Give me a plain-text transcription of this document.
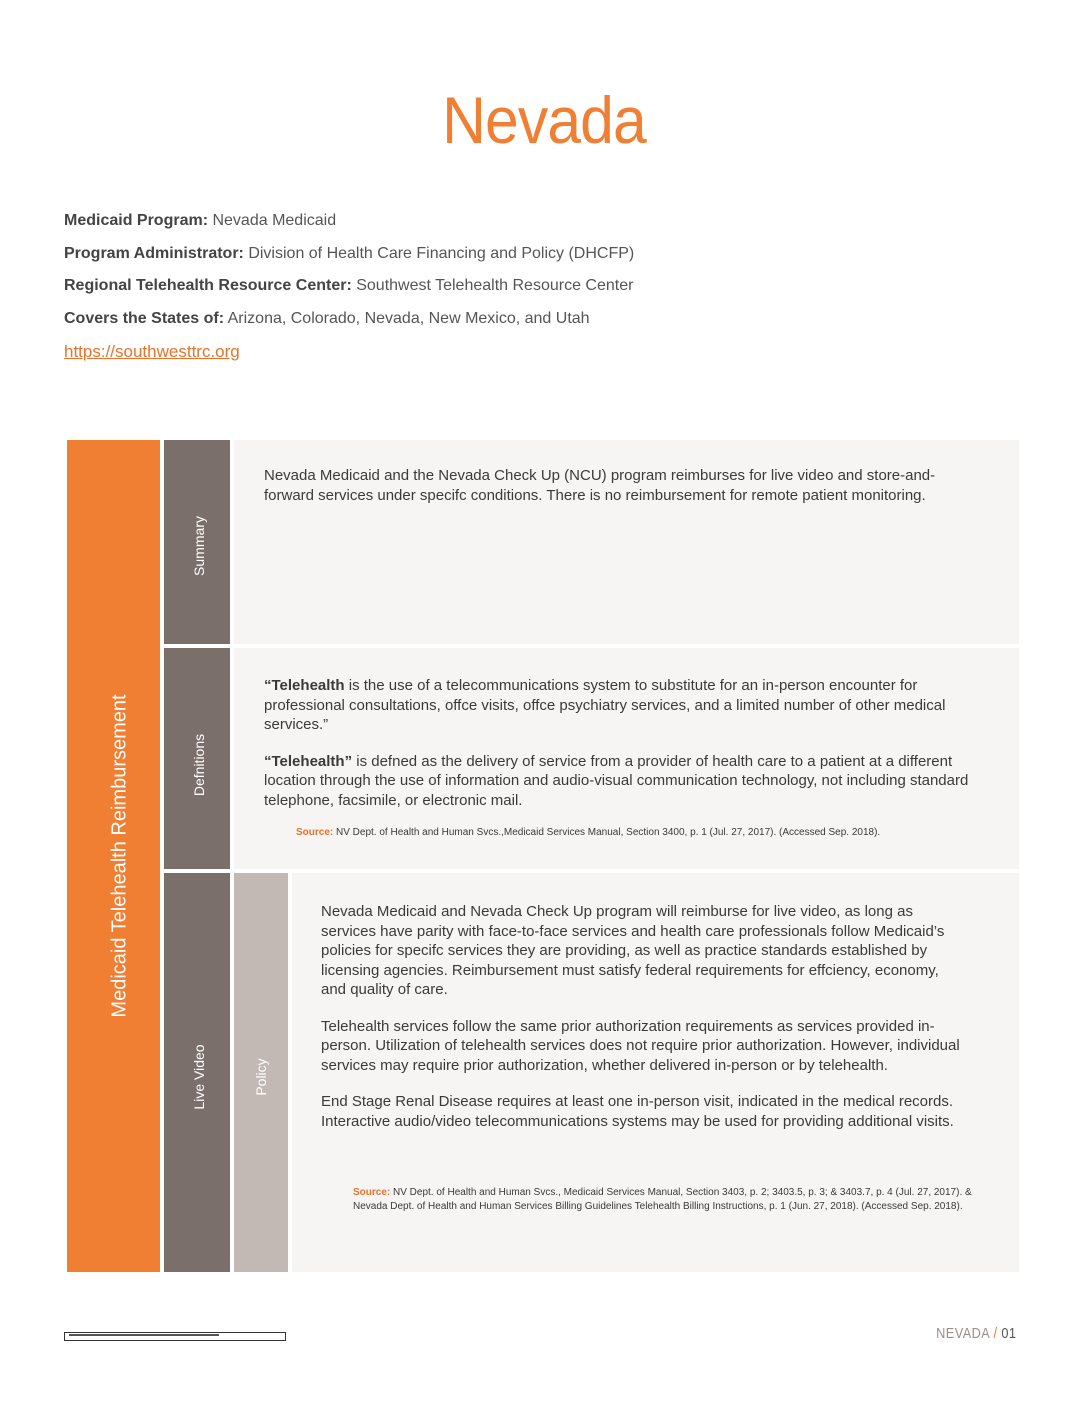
Nevada
Medicaid Program: Nevada Medicaid
Program Administrator: Division of Health Care Financing and Policy (DHCFP)
Regional Telehealth Resource Center: Southwest Telehealth Resource Center
Covers the States of: Arizona, Colorado, Nevada, New Mexico, and Utah
https://southwesttrc.org
Medicaid Telehealth Reimbursement
Summary
Defnitions
Live Video	Policy

Nevada Medicaid and the Nevada Check Up (NCU) program reimburses for live video and store-and-forward services under specifc conditions. There is no reimbursement for remote patient monitoring.

“Telehealth is the use of a telecommunications system to substitute for an in-person encounter for professional consultations, offce visits, offce psychiatry services, and a limited number of other medical services.”

“Telehealth” is defned as the delivery of service from a provider of health care to a patient at a different location through the use of information and audio-visual communication technology, not including standard telephone, facsimile, or electronic mail.

Source: NV Dept. of Health and Human Svcs.,Medicaid Services Manual, Section 3400, p. 1 (Jul. 27, 2017). (Accessed Sep. 2018).

Nevada Medicaid and Nevada Check Up program will reimburse for live video, as long as services have parity with face-to-face services and health care professionals follow Medicaid’s policies for specifc services they are providing, as well as practice standards established by licensing agencies. Reimbursement must satisfy federal requirements for effciency, economy, and quality of care.

Telehealth services follow the same prior authorization requirements as services provided in-person. Utilization of telehealth services does not require prior authorization. However, individual services may require prior authorization, whether delivered in-person or by telehealth.

End Stage Renal Disease requires at least one in-person visit, indicated in the medical records. Interactive audio/video telecommunications systems may be used for providing additional visits.

Source: NV Dept. of Health and Human Svcs., Medicaid Services Manual, Section 3403, p. 2; 3403.5, p. 3; & 3403.7, p. 4 (Jul. 27, 2017). & Nevada Dept. of Health and Human Services Billing Guidelines Telehealth Billing Instructions, p. 1 (Jun. 27, 2018). (Accessed Sep. 2018).
NEVADA / 01
